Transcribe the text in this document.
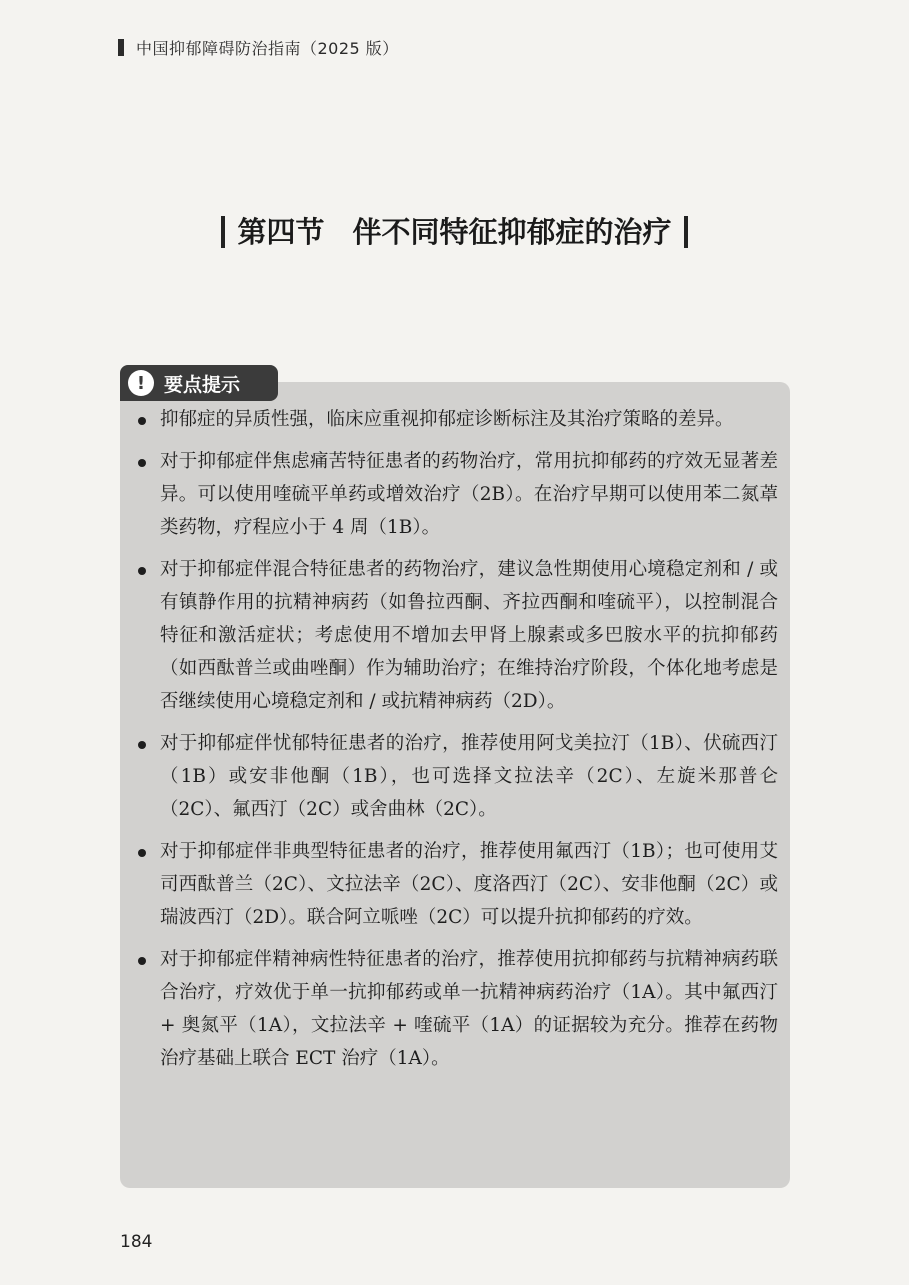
中国抑郁障碍防治指南（2025 版）
第四节 伴不同特征抑郁症的治疗
! 要点提示
抑郁症的异质性强，临床应重视抑郁症诊断标注及其治疗策略的差异。
对于抑郁症伴焦虑痛苦特征患者的药物治疗，常用抗抑郁药的疗效无显著差异。可以使用喹硫平单药或增效治疗（2B）。在治疗早期可以使用苯二氮䓬类药物，疗程应小于 4 周（1B）。
对于抑郁症伴混合特征患者的药物治疗，建议急性期使用心境稳定剂和 / 或有镇静作用的抗精神病药（如鲁拉西酮、齐拉西酮和喹硫平），以控制混合特征和激活症状；考虑使用不增加去甲肾上腺素或多巴胺水平的抗抑郁药（如西酞普兰或曲唑酮）作为辅助治疗；在维持治疗阶段，个体化地考虑是否继续使用心境稳定剂和 / 或抗精神病药（2D）。
对于抑郁症伴忧郁特征患者的治疗，推荐使用阿戈美拉汀（1B）、伏硫西汀（1B）或安非他酮（1B），也可选择文拉法辛（2C）、左旋米那普仑（2C）、氟西汀（2C）或舍曲林（2C）。
对于抑郁症伴非典型特征患者的治疗，推荐使用氟西汀（1B）；也可使用艾司西酞普兰（2C）、文拉法辛（2C）、度洛西汀（2C）、安非他酮（2C）或瑞波西汀（2D）。联合阿立哌唑（2C）可以提升抗抑郁药的疗效。
对于抑郁症伴精神病性特征患者的治疗，推荐使用抗抑郁药与抗精神病药联合治疗，疗效优于单一抗抑郁药或单一抗精神病药治疗（1A）。其中氟西汀 + 奥氮平（1A），文拉法辛 + 喹硫平（1A）的证据较为充分。推荐在药物治疗基础上联合 ECT 治疗（1A）。
184
